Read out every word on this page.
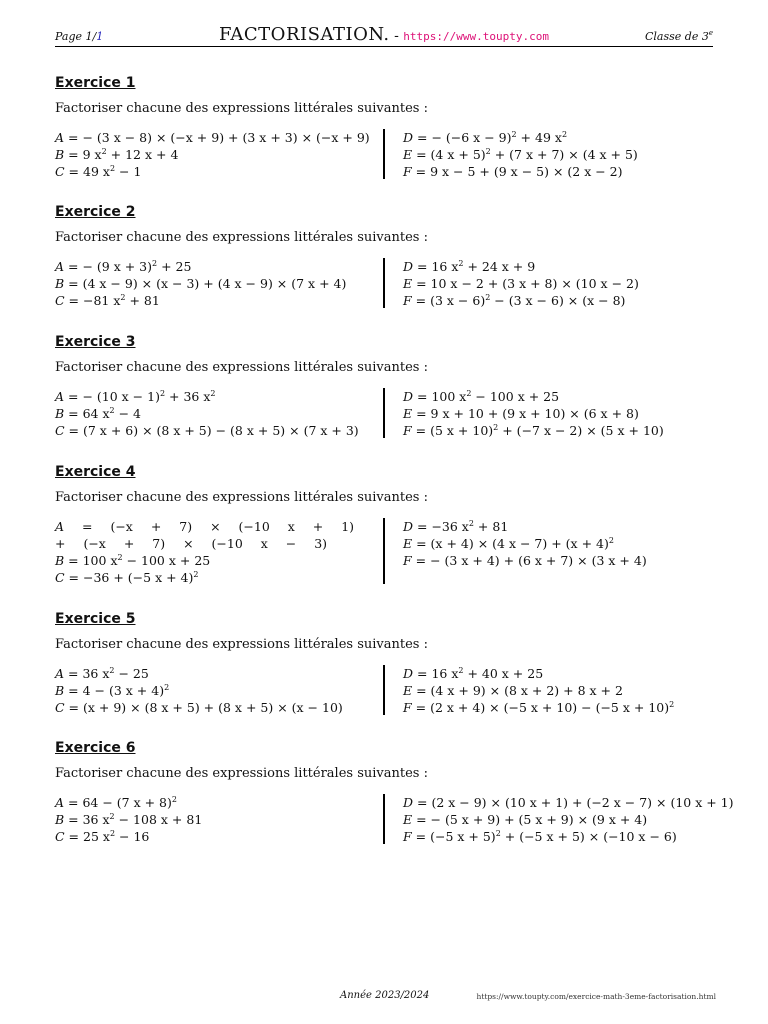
Page 1/1	FACTORISATION. - https://www.toupty.com	Classe de 3e
Exercice 1
Factoriser chacune des expressions littérales suivantes :
A = − (3 x − 8) × (−x + 9) + (3 x + 3) × (−x + 9)
B = 9 $x^2 + 12$ x + 4
C = 49 $x^2 - 1$
D = − (−6 x − 9)$^2$ + 49 $x^2$
E = (4 x + 5)$^2$ + (7 x + 7) × (4 x + 5)
F = 9 x − 5 + (9 x − 5) × (2 x − 2)
Exercice 2
Factoriser chacune des expressions littérales suivantes :
A = − (9 x + 3)$^2$ + 25
B = (4 x − 9) × (x − 3) + (4 x − 9) × (7 x + 4)
C = −81 $x^2 + 81$
D = 16 $x^2 + 24$ x + 9
E = 10 x − 2 + (3 x + 8) × (10 x − 2)
F = (3 x − 6)$^2$ − (3 x − 6) × (x − 8)
Exercice 3
Factoriser chacune des expressions littérales suivantes :
A = − (10 x − 1)$^2$ + 36 $x^2$
B = 64 $x^2 - 4$
C = (7 x + 6) × (8 x + 5) − (8 x + 5) × (7 x + 3)
D = 100 $x^2 - 100$ x + 25
E = 9 x + 10 + (9 x + 10) × (6 x + 8)
F = (5 x + 10)$^2$ + (−7 x − 2) × (5 x + 10)
Exercice 4
Factoriser chacune des expressions littérales suivantes :
A = (−x + 7) × (−10 x + 1) + (−x + 7) × (−10 x − 3)
B = 100 $x^2 - 100$ x + 25
C = −36 + (−5 x + 4)$^2$
D = −36 $x^2 + 81$
E = (x + 4) × (4 $x - 7) + (x + 4)^2$
F = − (3 x + 4) + (6 x + 7) × (3 x + 4)
Exercice 5
Factoriser chacune des expressions littérales suivantes :
A = 36 $x^2 - 25$
B = 4 − (3 x + 4)$^2$
C = (x + 9) × (8 x + 5) + (8 x + 5) × (x − 10)
D = 16 $x^2 + 40$ x + 25
E = (4 x + 9) × (8 x + 2) + 8 x + 2
F = (2 x + 4) × (−5 x + 10) − (−5 x + 10)$^2$
Exercice 6
Factoriser chacune des expressions littérales suivantes :
A = 64 − (7 x + 8)$^2$
B = 36 $x^2 - 108$ x + 81
C = 25 $x^2 - 16$
D = (2 x − 9) × (10 x + 1) + (−2 x − 7) × (10 x + 1)
E = − (5 x + 9) + (5 x + 9) × (9 x + 4)
F = (−5 x + 5)$^2$ + (−5 x + 5) × (−10 x − 6)
Année 2023/2024	https://www.toupty.com/exercice-math-3eme-factorisation.html
